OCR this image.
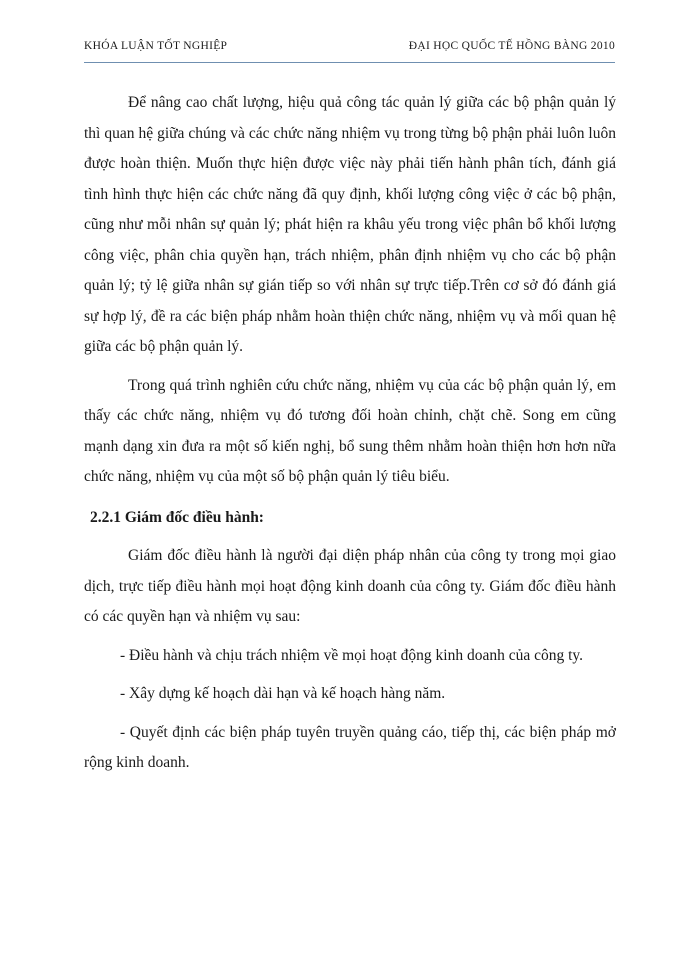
KHÓA LUẬN TỐT NGHIỆP	ĐẠI HỌC QUỐC TẾ HỒNG BÀNG 2010

Để nâng cao chất lượng, hiệu quả công tác quản lý giữa các bộ phận quản lý thì quan hệ giữa chúng và các chức năng nhiệm vụ trong từng bộ phận phải luôn luôn được hoàn thiện. Muốn thực hiện được việc này phải tiến hành phân tích, đánh giá tình hình thực hiện các chức năng đã quy định, khối lượng công việc ở các bộ phận, cũng như mỗi nhân sự quản lý; phát hiện ra khâu yếu trong việc phân bổ khối lượng công việc, phân chia quyền hạn, trách nhiệm, phân định nhiệm vụ cho các bộ phận quản lý; tỷ lệ giữa nhân sự gián tiếp so với nhân sự trực tiếp.Trên cơ sở đó đánh giá sự hợp lý, đề ra các biện pháp nhằm hoàn thiện chức năng, nhiệm vụ và mối quan hệ giữa các bộ phận quản lý.

Trong quá trình nghiên cứu chức năng, nhiệm vụ của các bộ phận quản lý, em thấy các chức năng, nhiệm vụ đó tương đối hoàn chỉnh, chặt chẽ. Song em cũng mạnh dạng xin đưa ra một số kiến nghị, bổ sung thêm nhằm hoàn thiện hơn hơn nữa chức năng, nhiệm vụ của một số bộ phận quản lý tiêu biểu.

2.2.1 Giám đốc điều hành:

Giám đốc điều hành là người đại diện pháp nhân của công ty trong mọi giao dịch, trực tiếp điều hành mọi hoạt động kinh doanh của công ty. Giám đốc điều hành có các quyền hạn và nhiệm vụ sau:

- Điều hành và chịu trách nhiệm về mọi hoạt động kinh doanh của công ty.

- Xây dựng kế hoạch dài hạn và kế hoạch hàng năm.

- Quyết định các biện pháp tuyên truyền quảng cáo, tiếp thị, các biện pháp mở rộng kinh doanh.
